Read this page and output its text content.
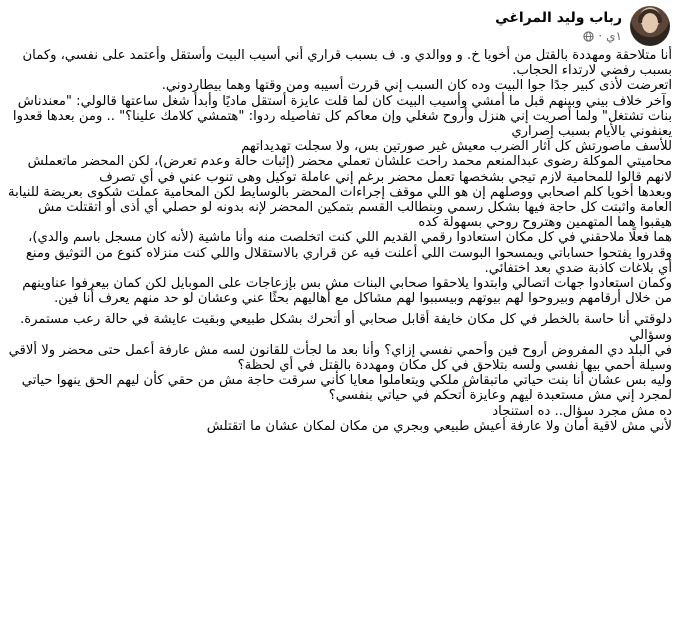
رباب وليد المراغي
١ي
·

أنا متلاحقة ومهددة بالقتل من أخويا خ. و ووالدي و. ف بسبب قراري أني أسيب البيت وأستقل وأعتمد على نفسي، وكمان بسبب رفضي لارتداء الحجاب.

اتعرضت لأذى كبير جدًا جوا البيت وده كان السبب إني قررت أسيبه ومن وقتها وهما بيطاردوني.

وآخر خلاف بيني وبينهم قبل ما أمشي وأسيب البيت كان لما قلت عايزة أستقل ماديًا وأبدأ شغل ساعتها قالولي: "معندناش بنات تشتغل" ولما أصريت إني هنزل وأروح شغلي وإن معاكم كل تفاصيله ردوا: "هتمشي كلامك علينا؟" .. ومن بعدها قعدوا يعنفوني بالأيام بسبب إصراري

للأسف ماصورتش كل آثار الضرب معيش غير صورتين بس، ولا سجلت تهديداتهم

محاميتي الموكلة رضوى عبدالمنعم محمد راحت علشان تعملي محضر (إثبات حالة وعدم تعرض)، لكن المحضر ماتعملش لانهم قالوا للمحامية لازم تيجي بشخصها تعمل محضر برغم إني عاملة توكيل وهى تنوب عني في أي تصرف

وبعدها أخويا كلم اصحابي ووصلهم إن هو اللي موقف إجراءات المحضر بالوسايط لكن المحامية عملت شكوى بعريضة للنيابة العامة واثبتت كل حاجة فيها بشكل رسمي وبنطالب القسم بتمكين المحضر لإنه بدونه لو حصلي أي أذى أو اتقتلت مش هيقبوا هما المتهمين وهتروح روحي بسهولة كده

هما فعلًا ملاحقني في كل مكان استعادوا رقمي القديم اللي كنت اتخلصت منه وأنا ماشية (لأنه كان مسجل باسم والدي)، وقدروا يفتحوا حساباتي ويمسحوا البوست اللي أعلنت فيه عن قراري بالاستقلال واللي كنت منزلاه كنوع من التوثيق ومنع أي بلاغات كاذبة ضدي بعد اختفائي.

وكمان استعادوا جهات اتصالي وابتدوا يلاحقوا صحابي البنات مش بس بإزعاجات على الموبايل لكن كمان بيعرفوا عناوينهم من خلال أرقامهم وبيروحوا لهم بيوتهم وبيسببوا لهم مشاكل مع أهاليهم بحثًا عني وعشان لو حد منهم يعرف أنا فين.

دلوقتي أنا حاسة بالخطر في كل مكان خايفة أقابل صحابي أو أتحرك بشكل طبيعي وبقيت عايشة في حالة رعب مستمرة.

وسؤالي

في البلد دي المفروض أروح فين وأحمي نفسي إزاي؟ وأنا بعد ما لجأت للقانون لسه مش عارفة أعمل حتى محضر ولا ألاقي وسيلة أحمي بيها نفسي ولسه بتلاحق في كل مكان ومهددة بالقتل في أي لحظة؟

وليه بس عشان أنا بنت حياتي ماتبقاش ملكي ويتعاملوا معايا كأني سرقت حاجة مش من حقي كأن ليهم الحق ينهوا حياتي لمجرد إني مش مستعبدة ليهم وعايزة أتحكم في حياتي بنفسي؟

ده مش مجرد سؤال.. ده استنجاد

لأني مش لاقية أمان ولا عارفة أعيش طبيعي وبجري من مكان لمكان عشان ما اتقتلش
